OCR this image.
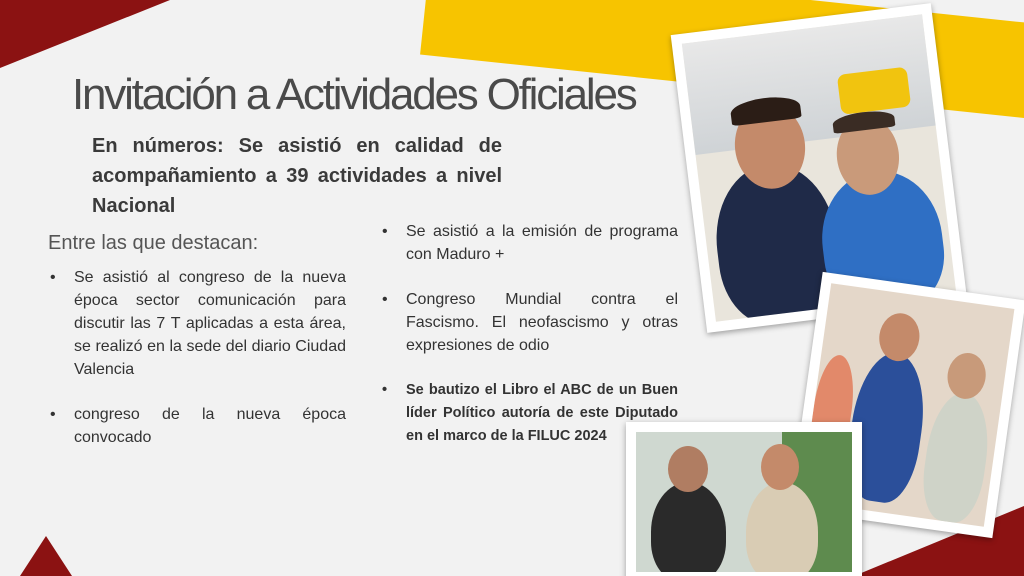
Invitación a Actividades Oficiales
En números: Se asistió en calidad de acompañamiento a 39 actividades a nivel Nacional
Entre las que destacan:
• Se asistió al congreso de la nueva época sector comunicación para discutir las 7 T aplicadas a esta área, se realizó en la sede del diario Ciudad Valencia
• congreso de la nueva época convocado
• Se asistió a la emisión de programa con Maduro +
• Congreso Mundial contra el Fascismo. El neofascismo y otras expresiones de odio
• Se bautizo el Libro el ABC de un Buen líder Político autoría de este Diputado en el marco de la FILUC 2024
